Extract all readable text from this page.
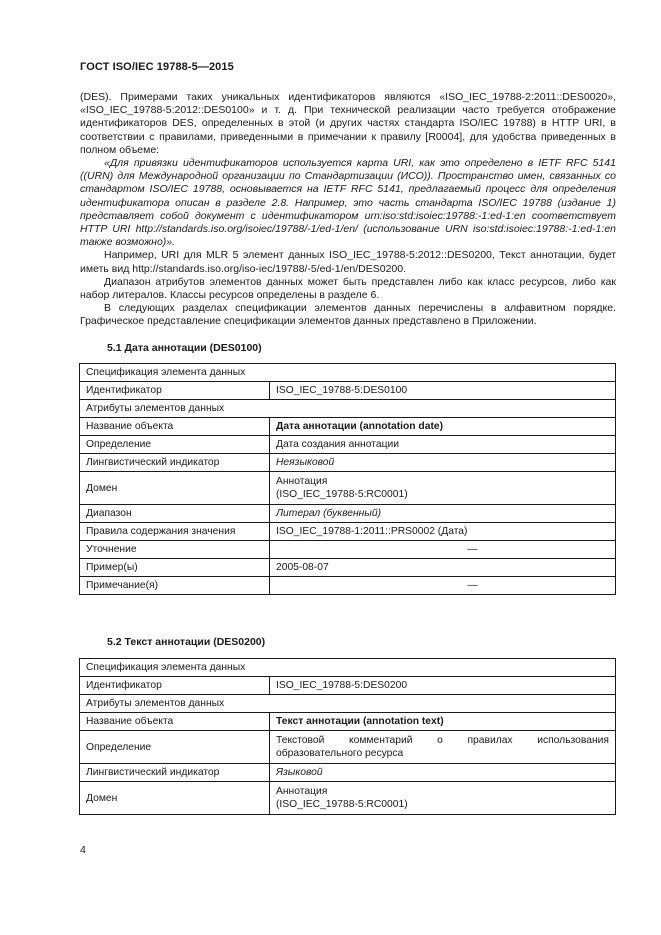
ГОСТ ISO/IEC 19788-5—2015

(DES). Примерами таких уникальных идентификаторов являются «ISO_IEC_19788-2:2011::DES0020», «ISO_IEC_19788-5:2012::DES0100» и т. д. При технической реализации часто требуется отображение идентификаторов DES, определенных в этой (и других частях стандарта ISO/IEC 19788) в HTTP URI, в соответствии с правилами, приведенными в примечании к правилу [R0004], для удобства приведенных в полном объеме:

«Для привязки идентификаторов используется карта URI, как это определено в IETF RFC 5141 ((URN) для Международной организации по Стандартизации (ИСО)). Пространство имен, связанных со стандартом ISO/IEC 19788, основывается на IETF RFC 5141, предлагаемый процесс для определения идентификатора описан в разделе 2.8. Например, это часть стандарта ISO/IEC 19788 (издание 1) представляет собой документ с идентификатором urn:iso:std:isoiec:19788:-1:ed-1:en соответствует HTTP URI http://standards.iso.org/isoiec/19788/-1/ed-1/en/ (использование URN iso:std:isoiec:19788:-1:ed-1:en также возможно)».

Например, URI для MLR 5 элемент данных ISO_IEC_19788-5:2012::DES0200, Текст аннотации, будет иметь вид http://standards.iso.org/iso-iec/19788/-5/ed-1/en/DES0200.

Диапазон атрибутов элементов данных может быть представлен либо как класс ресурсов, либо как набор литералов. Классы ресурсов определены в разделе 6.

В следующих разделах спецификации элементов данных перечислены в алфавитном порядке. Графическое представление спецификации элементов данных представлено в Приложении.

5.1 Дата аннотации (DES0100)
Спецификация элемента данных	
Идентификатор	ISO_IEC_19788-5:DES0100
Атрибуты элементов данных	
Название объекта	Дата аннотации (annotation date)
Определение	Дата создания аннотации
Лингвистический индикатор	Неязыковой
Домен	Аннотация
(ISO_IEC_19788-5:RC0001)

Диапазон	Литерал (буквенный)
Правила содержания значения	ISO_IEC_19788-1:2011::PRS0002 (Дата)
Уточнение	—
Пример(ы)	2005-08-07
Примечание(я)	—
5.2 Текст аннотации (DES0200)
Спецификация элемента данных	
Идентификатор	ISO_IEC_19788-5:DES0200
Атрибуты элементов данных	
Название объекта	Текст аннотации (annotation text)
Определение	Текстовой комментарий о правилах использования образовательного ресурса
Лингвистический индикатор	Языковой
Домен	Аннотация
(ISO_IEC_19788-5:RC0001)
4
